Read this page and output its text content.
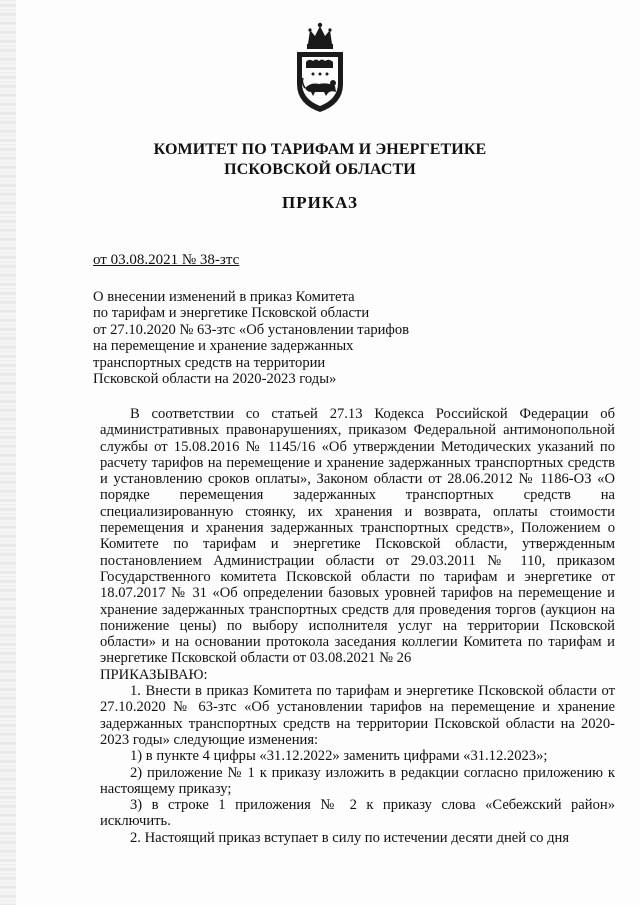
КОМИТЕТ ПО ТАРИФАМ И ЭНЕРГЕТИКЕ
ПСКОВСКОЙ ОБЛАСТИ
ПРИКАЗ
от 03.08.2021 № 38-зтс
О внесении изменений в приказ Комитета
по тарифам и энергетике Псковской области
от 27.10.2020 № 63-зтс «Об установлении тарифов
на перемещение и хранение задержанных
транспортных средств на территории
Псковской области на 2020-2023 годы»
В соответствии со статьей 27.13 Кодекса Российской Федерации об административных правонарушениях, приказом Федеральной антимонопольной службы от 15.08.2016 № 1145/16 «Об утверждении Методических указаний по расчету тарифов на перемещение и хранение задержанных транспортных средств и установлению сроков оплаты», Законом области от 28.06.2012 № 1186-ОЗ «О порядке перемещения задержанных транспортных средств на специализированную стоянку, их хранения и возврата, оплаты стоимости перемещения и хранения задержанных транспортных средств», Положением о Комитете по тарифам и энергетике Псковской области, утвержденным постановлением Администрации области от 29.03.2011 № 110, приказом Государственного комитета Псковской области по тарифам и энергетике от 18.07.2017 № 31 «Об определении базовых уровней тарифов на перемещение и хранение задержанных транспортных средств для проведения торгов (аукцион на понижение цены) по выбору исполнителя услуг на территории Псковской области» и на основании протокола заседания коллегии Комитета по тарифам и энергетике Псковской области от 03.08.2021 № 26
ПРИКАЗЫВАЮ:
1. Внести в приказ Комитета по тарифам и энергетике Псковской области от 27.10.2020 № 63-зтс «Об установлении тарифов на перемещение и хранение задержанных транспортных средств на территории Псковской области на 2020-2023 годы» следующие изменения:
1) в пункте 4 цифры «31.12.2022» заменить цифрами «31.12.2023»;
2) приложение № 1 к приказу изложить в редакции согласно приложению к настоящему приказу;
3) в строке 1 приложения № 2 к приказу слова «Себежский район» исключить.
2. Настоящий приказ вступает в силу по истечении десяти дней со дня
